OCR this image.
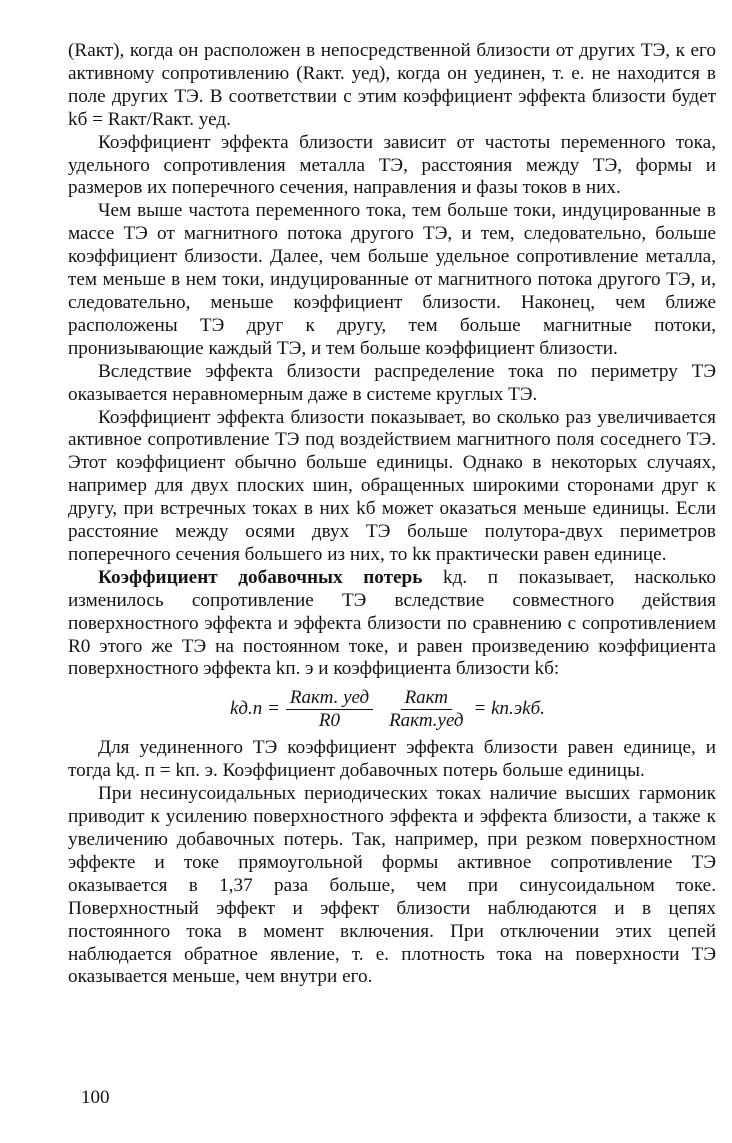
(Rакт), когда он расположен в непосредственной близости от других ТЭ, к его активному сопротивлению (Rакт. уед), когда он уединен, т. е. не находится в поле других ТЭ. В соответствии с этим коэффициент эффекта близости будет kб = Rакт/Rакт. уед.

Коэффициент эффекта близости зависит от частоты переменного тока, удельного сопротивления металла ТЭ, расстояния между ТЭ, формы и размеров их поперечного сечения, направления и фазы токов в них.

Чем выше частота переменного тока, тем больше токи, индуцированные в массе ТЭ от магнитного потока другого ТЭ, и тем, следовательно, больше коэффициент близости. Далее, чем больше удельное сопротивление металла, тем меньше в нем токи, индуцированные от магнитного потока другого ТЭ, и, следовательно, меньше коэффициент близости. Наконец, чем ближе расположены ТЭ друг к другу, тем больше магнитные потоки, пронизывающие каждый ТЭ, и тем больше коэффициент близости.

Вследствие эффекта близости распределение тока по периметру ТЭ оказывается неравномерным даже в системе круглых ТЭ.

Коэффициент эффекта близости показывает, во сколько раз увеличивается активное сопротивление ТЭ под воздействием магнитного поля соседнего ТЭ. Этот коэффициент обычно больше единицы. Однако в некоторых случаях, например для двух плоских шин, обращенных широкими сторонами друг к другу, при встречных токах в них kб может оказаться меньше единицы. Если расстояние между осями двух ТЭ больше полутора-двух периметров поперечного сечения большего из них, то kк практически равен единице.

Коэффициент добавочных потерь kд. п показывает, насколько изменилось сопротивление ТЭ вследствие совместного действия поверхностного эффекта и эффекта близости по сравнению с сопротивлением R0 этого же ТЭ на постоянном токе, и равен произведению коэффициента поверхностного эффекта kп. э и коэффициента близости kб:

$kд.п = \frac{\text{Rакт. уед}}{R0} \frac{\text{Rакт}}{\text{Rакт.уед}} = kп.эkб$.

Для уединенного ТЭ коэффициент эффекта близости равен единице, и тогда kд. п = kп. э. Коэффициент добавочных потерь больше единицы.

При несинусоидальных периодических токах наличие высших гармоник приводит к усилению поверхностного эффекта и эффекта близости, а также к увеличению добавочных потерь. Так, например, при резком поверхностном эффекте и токе прямоугольной формы активное сопротивление ТЭ оказывается в 1,37 раза больше, чем при синусоидальном токе. Поверхностный эффект и эффект близости наблюдаются и в цепях постоянного тока в момент включения. При отключении этих цепей наблюдается обратное явление, т. е. плотность тока на поверхности ТЭ оказывается меньше, чем внутри его.

100
